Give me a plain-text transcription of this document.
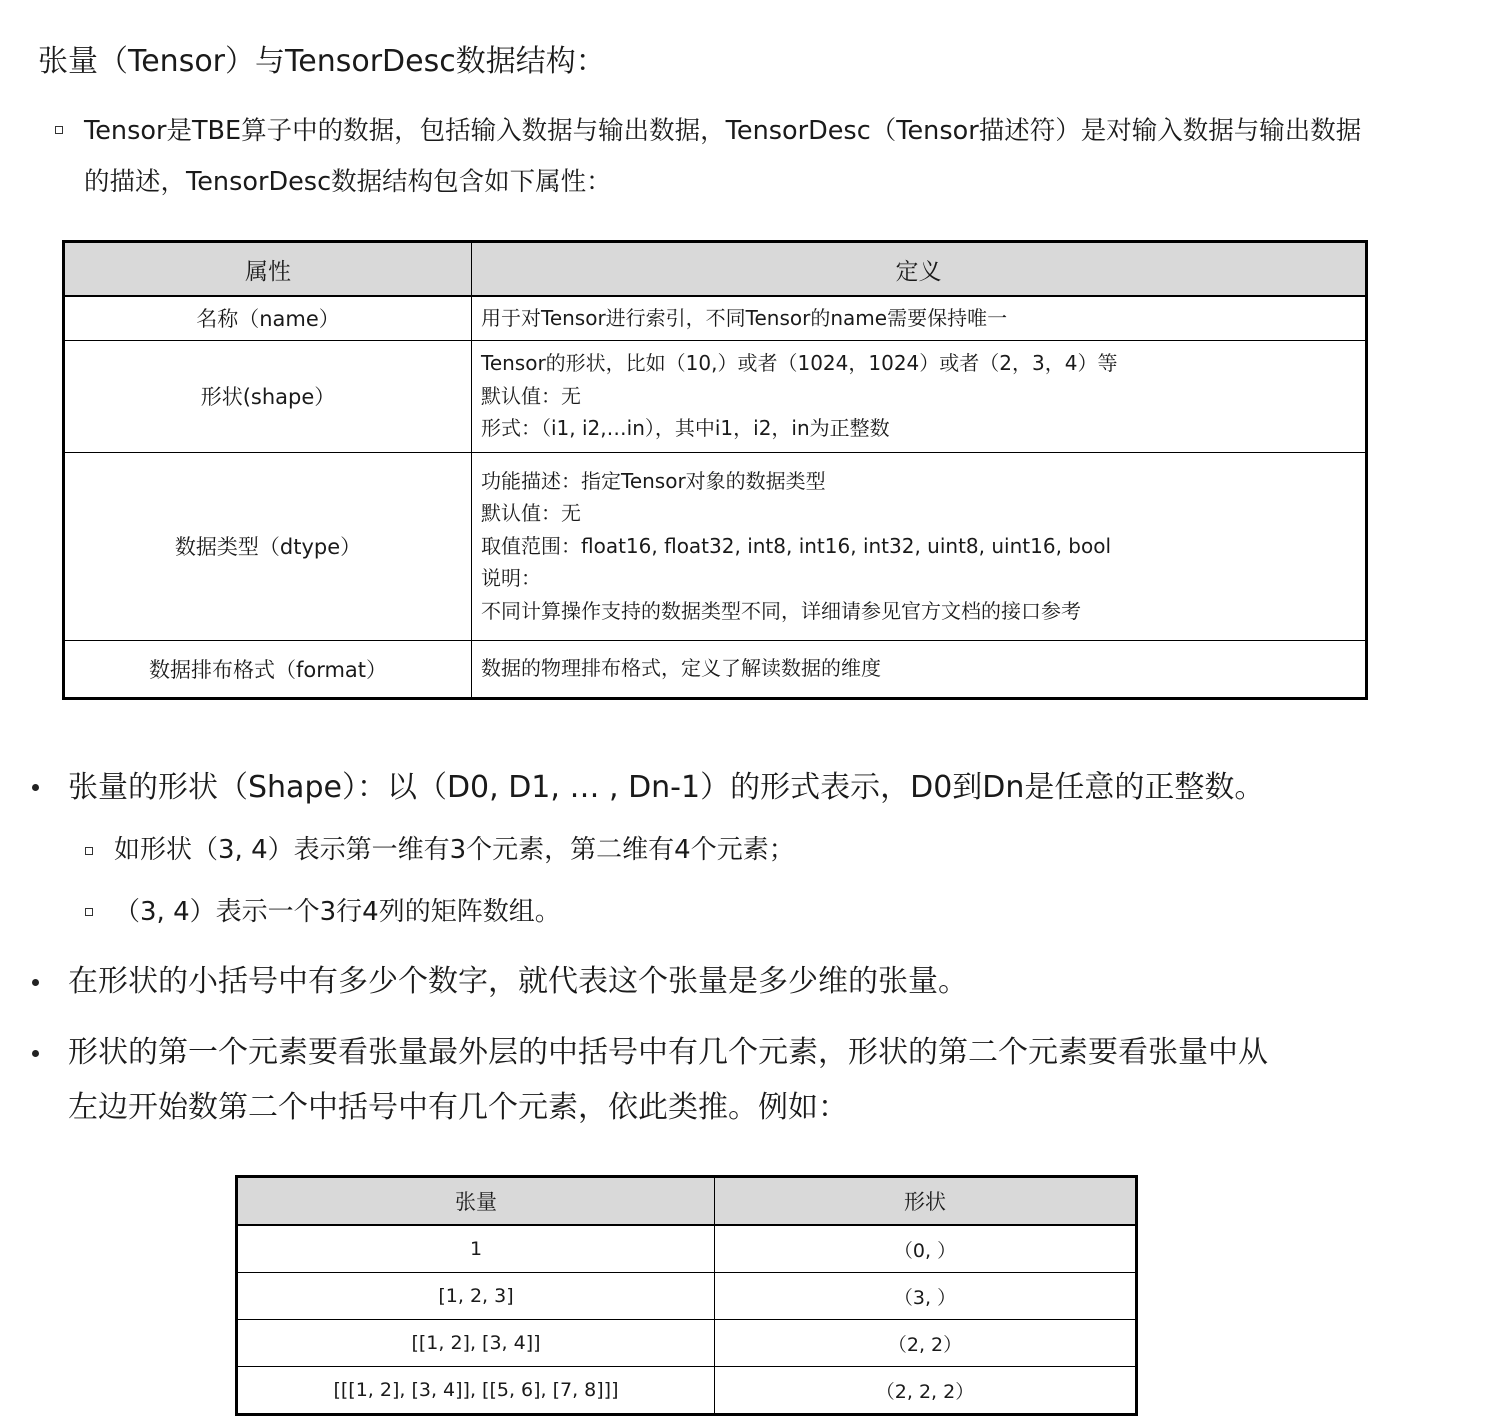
张量（Tensor）与TensorDesc数据结构：
Tensor是TBE算子中的数据，包括输入数据与输出数据，TensorDesc（Tensor描述符）是对输入数据与输出数据的描述，TensorDesc数据结构包含如下属性：
属性	定义
名称（name）	用于对Tensor进行索引，不同Tensor的name需要保持唯一

形状(shape）	Tensor的形状，比如（10,）或者（1024，1024）或者（2，3，4）等
默认值：无
形式：（i1, i2,…in），其中i1，i2，in为正整数

数据类型（dtype）	功能描述：指定Tensor对象的数据类型
默认值：无
取值范围：float16, float32, int8, int16, int32, uint8, uint16, bool
说明：
不同计算操作支持的数据类型不同，详细请参见官方文档的接口参考

数据排布格式（format）	数据的物理排布格式，定义了解读数据的维度
张量的形状（Shape）：以（D0, D1, … , Dn-1）的形式表示，D0到Dn是任意的正整数。
如形状（3, 4）表示第一维有3个元素，第二维有4个元素；
（3, 4）表示一个3行4列的矩阵数组。
在形状的小括号中有多少个数字，就代表这个张量是多少维的张量。
形状的第一个元素要看张量最外层的中括号中有几个元素，形状的第二个元素要看张量中从
左边开始数第二个中括号中有几个元素，依此类推。例如：
张量	形状
1	（0, ）
[1, 2, 3]	（3, ）
[[1, 2], [3, 4]]	（2, 2）
[[[1, 2], [3, 4]], [[5, 6], [7, 8]]]	（2, 2, 2）
